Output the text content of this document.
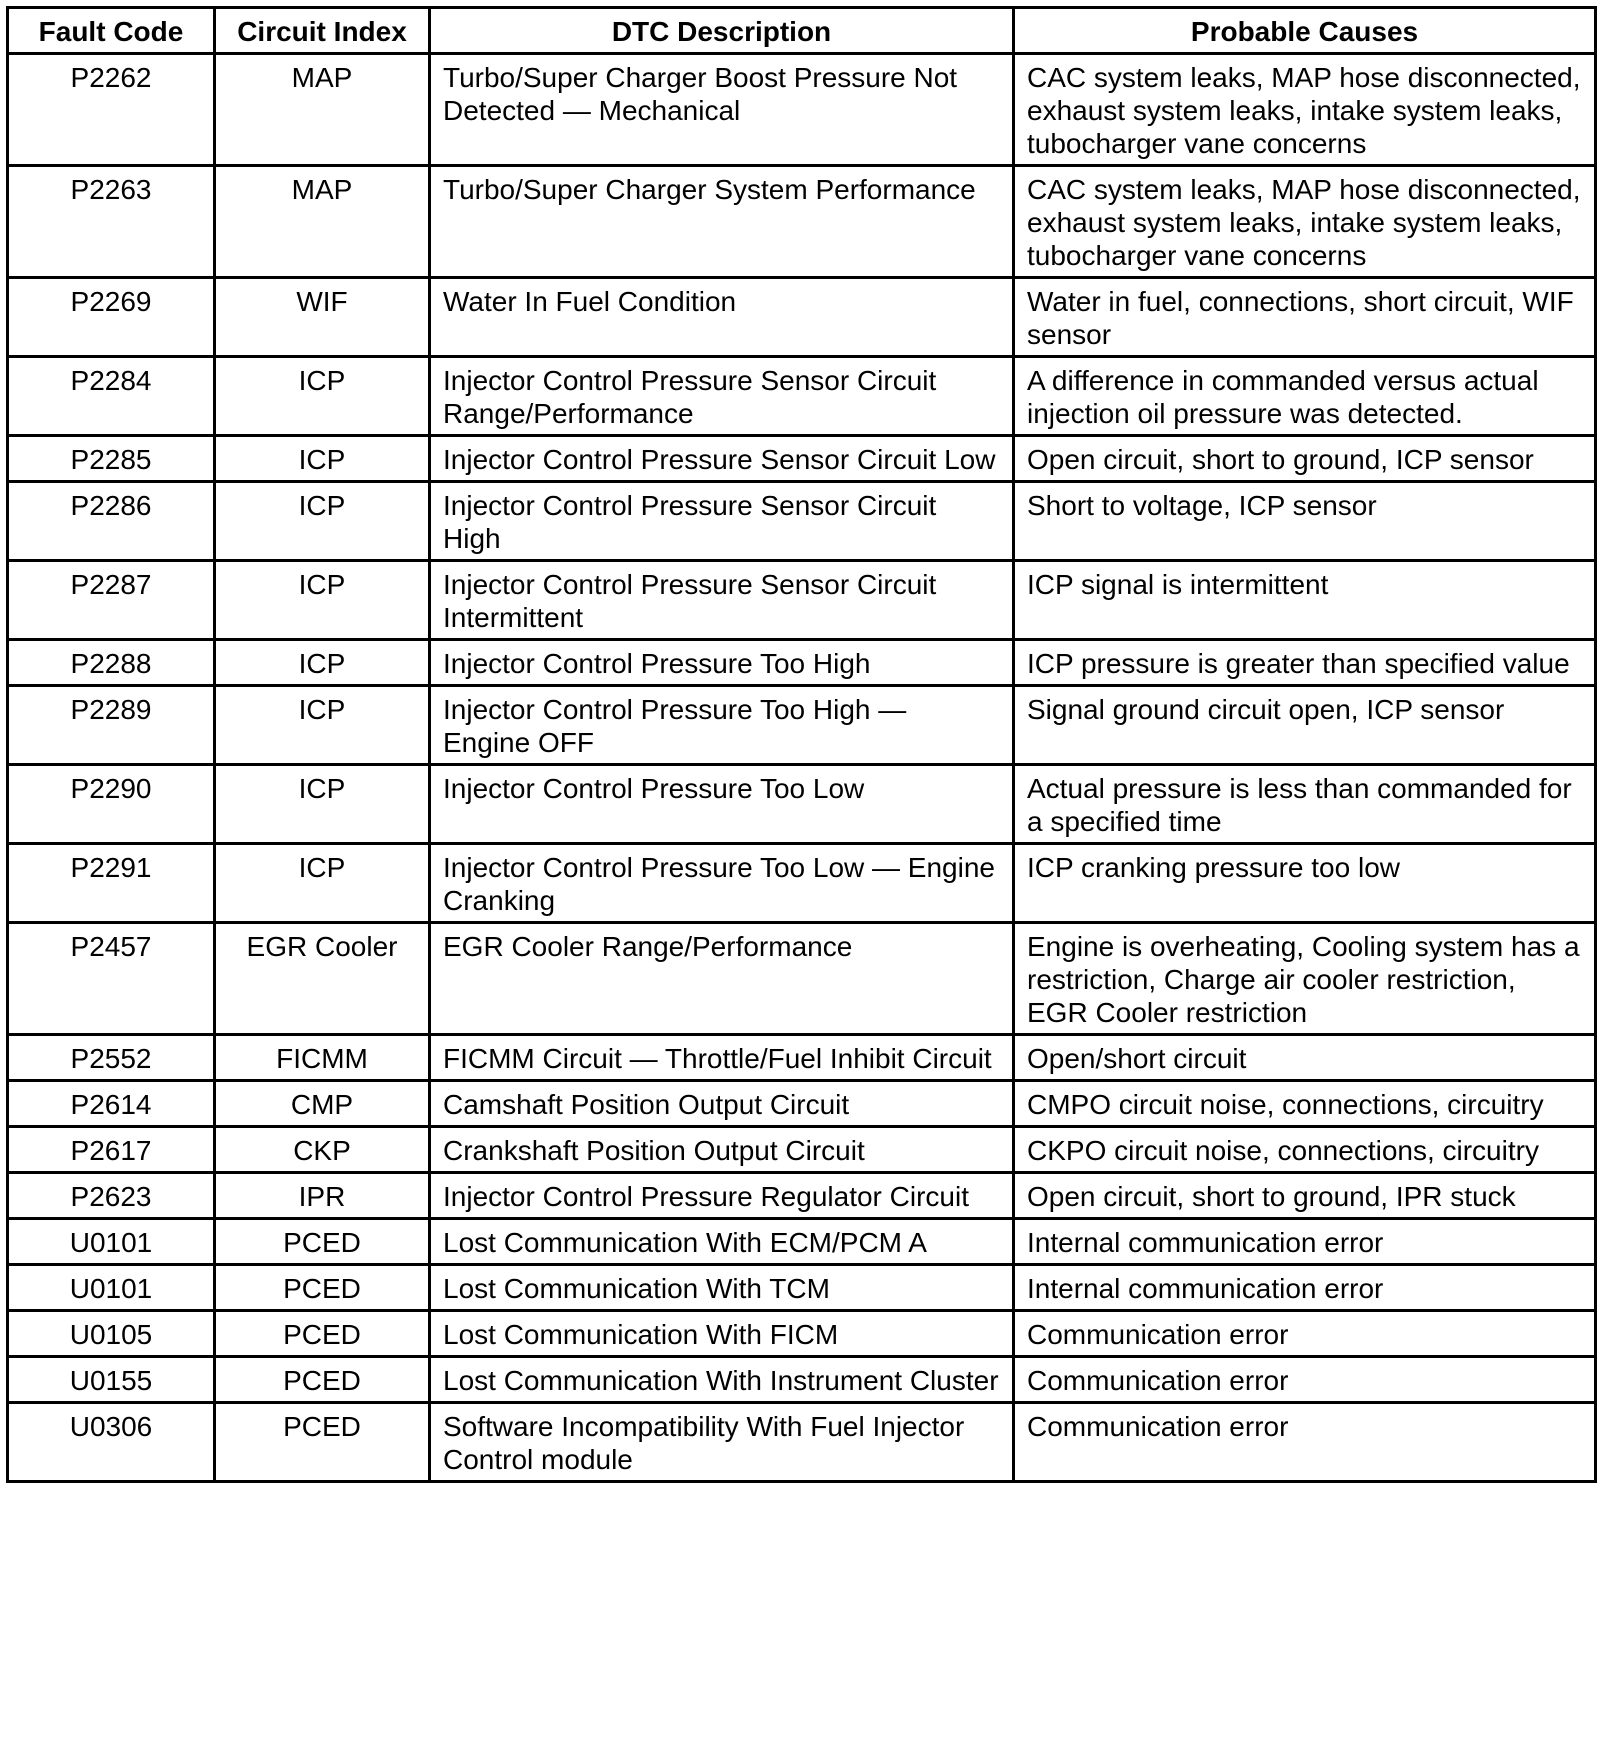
Fault Code	Circuit Index	DTC Description	Probable Causes
P2262	MAP	Turbo/Super Charger Boost Pressure Not Detected — Mechanical	CAC system leaks, MAP hose disconnected, exhaust system leaks, intake system leaks, tubocharger vane concerns
P2263	MAP	Turbo/Super Charger System Performance	CAC system leaks, MAP hose disconnected, exhaust system leaks, intake system leaks, tubocharger vane concerns
P2269	WIF	Water In Fuel Condition	Water in fuel, connections, short circuit, WIF sensor
P2284	ICP	Injector Control Pressure Sensor Circuit Range/Performance	A difference in commanded versus actual injection oil pressure was detected.
P2285	ICP	Injector Control Pressure Sensor Circuit Low	Open circuit, short to ground, ICP sensor
P2286	ICP	Injector Control Pressure Sensor Circuit High	Short to voltage, ICP sensor
P2287	ICP	Injector Control Pressure Sensor Circuit Intermittent	ICP signal is intermittent
P2288	ICP	Injector Control Pressure Too High	ICP pressure is greater than specified value
P2289	ICP	Injector Control Pressure Too High — Engine OFF	Signal ground circuit open, ICP sensor
P2290	ICP	Injector Control Pressure Too Low	Actual pressure is less than commanded for a specified time
P2291	ICP	Injector Control Pressure Too Low — Engine Cranking	ICP cranking pressure too low
P2457	EGR Cooler	EGR Cooler Range/Performance	Engine is overheating, Cooling system has a restriction, Charge air cooler restriction, EGR Cooler restriction
P2552	FICMM	FICMM Circuit — Throttle/Fuel Inhibit Circuit	Open/short circuit
P2614	CMP	Camshaft Position Output Circuit	CMPO circuit noise, connections, circuitry
P2617	CKP	Crankshaft Position Output Circuit	CKPO circuit noise, connections, circuitry
P2623	IPR	Injector Control Pressure Regulator Circuit	Open circuit, short to ground, IPR stuck
U0101	PCED	Lost Communication With ECM/PCM A	Internal communication error
U0101	PCED	Lost Communication With TCM	Internal communication error
U0105	PCED	Lost Communication With FICM	Communication error
U0155	PCED	Lost Communication With Instrument Cluster	Communication error
U0306	PCED	Software Incompatibility With Fuel Injector Control module	Communication error
